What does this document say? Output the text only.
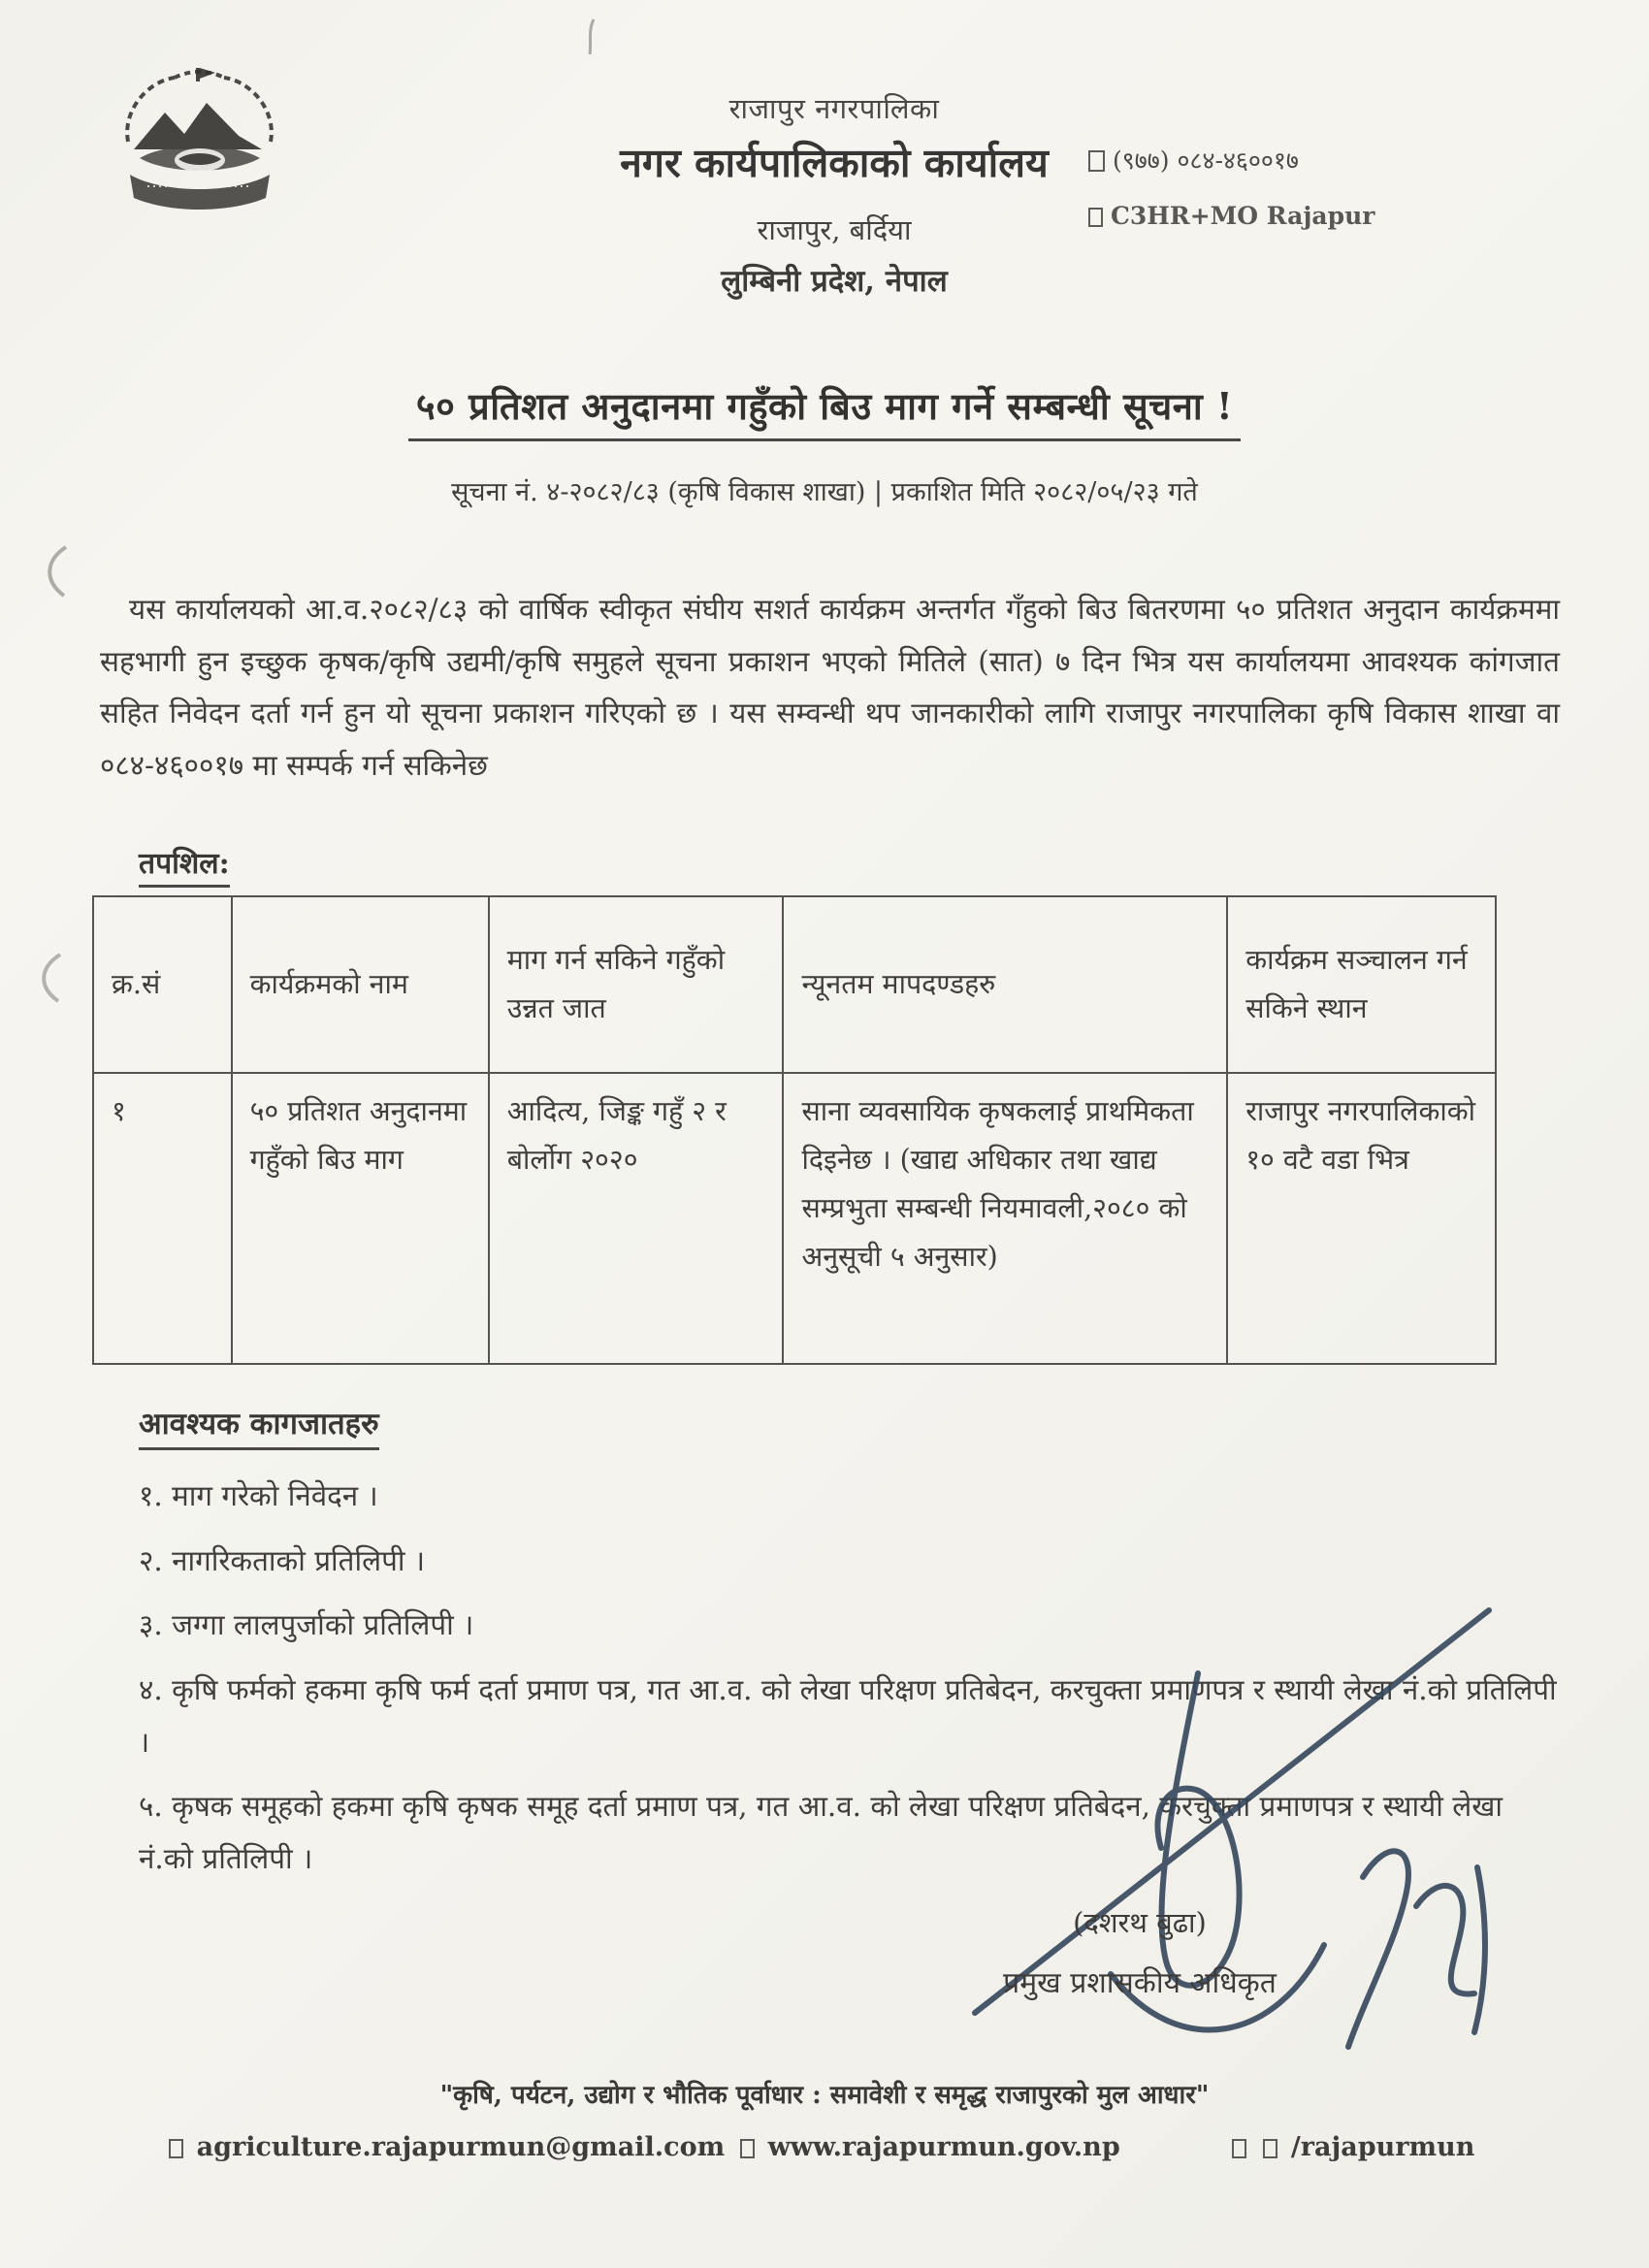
राजापुर नगरपालिका
नगर कार्यपालिकाको कार्यालय
राजापुर, बर्दिया
लुम्बिनी प्रदेश, नेपाल
(९७७) ०८४-४६००१७
C3HR+MO Rajapur
५० प्रतिशत अनुदानमा गहुँको बिउ माग गर्ने सम्बन्धी सूचना !
सूचना नं. ४-२०८२/८३ (कृषि विकास शाखा) | प्रकाशित मिति २०८२/०५/२३ गते
यस कार्यालयको आ.व.२०८२/८३ को वार्षिक स्वीकृत संघीय सशर्त कार्यक्रम अन्तर्गत गँहुको बिउ बितरणमा ५० प्रतिशत अनुदान कार्यक्रममा सहभागी हुन इच्छुक कृषक/कृषि उद्यमी/कृषि समुहले सूचना प्रकाशन भएको मितिले (सात) ७ दिन भित्र यस कार्यालयमा आवश्यक कांगजात सहित निवेदन दर्ता गर्न हुन यो सूचना प्रकाशन गरिएको छ । यस सम्वन्धी थप जानकारीको लागि राजापुर नगरपालिका कृषि विकास शाखा वा ०८४-४६००१७ मा सम्पर्क गर्न सकिनेछ
तपशिल:
क्र.सं	कार्यक्रमको नाम	माग गर्न सकिने गहुँको उन्नत जात	न्यूनतम मापदण्डहरु	कार्यक्रम सञ्चालन गर्न सकिने स्थान
१	५० प्रतिशत अनुदानमा गहुँको बिउ माग	आदित्य, जिङ्क गहुँ २ र बोर्लोग २०२०	साना व्यवसायिक कृषकलाई प्राथमिकता दिइनेछ । (खाद्य अधिकार तथा खाद्य सम्प्रभुता सम्बन्धी नियमावली,२०८० को अनुसूची ५ अनुसार)	राजापुर नगरपालिकाको १० वटै वडा भित्र
आवश्यक कागजातहरु
१. माग गरेको निवेदन ।
२. नागरिकताको प्रतिलिपी ।
३. जग्गा लालपुर्जाको प्रतिलिपी ।
४. कृषि फर्मको हकमा कृषि फर्म दर्ता प्रमाण पत्र, गत आ.व. को लेखा परिक्षण प्रतिबेदन, करचुक्ता प्रमाणपत्र र स्थायी लेखा नं.को प्रतिलिपी ।
५. कृषक समूहको हकमा कृषि कृषक समूह दर्ता प्रमाण पत्र, गत आ.व. को लेखा परिक्षण प्रतिबेदन, करचुक्ता प्रमाणपत्र र स्थायी लेखा नं.को प्रतिलिपी ।
(दशरथ बुढा)
प्रमुख प्रशासकीय अधिकृत
"कृषि, पर्यटन, उद्योग र भौतिक पूर्वाधार : समावेशी र समृद्ध राजापुरको मुल आधार"
agriculture.rajapurmun@gmail.com www.rajapurmun.gov.np	/rajapurmun
